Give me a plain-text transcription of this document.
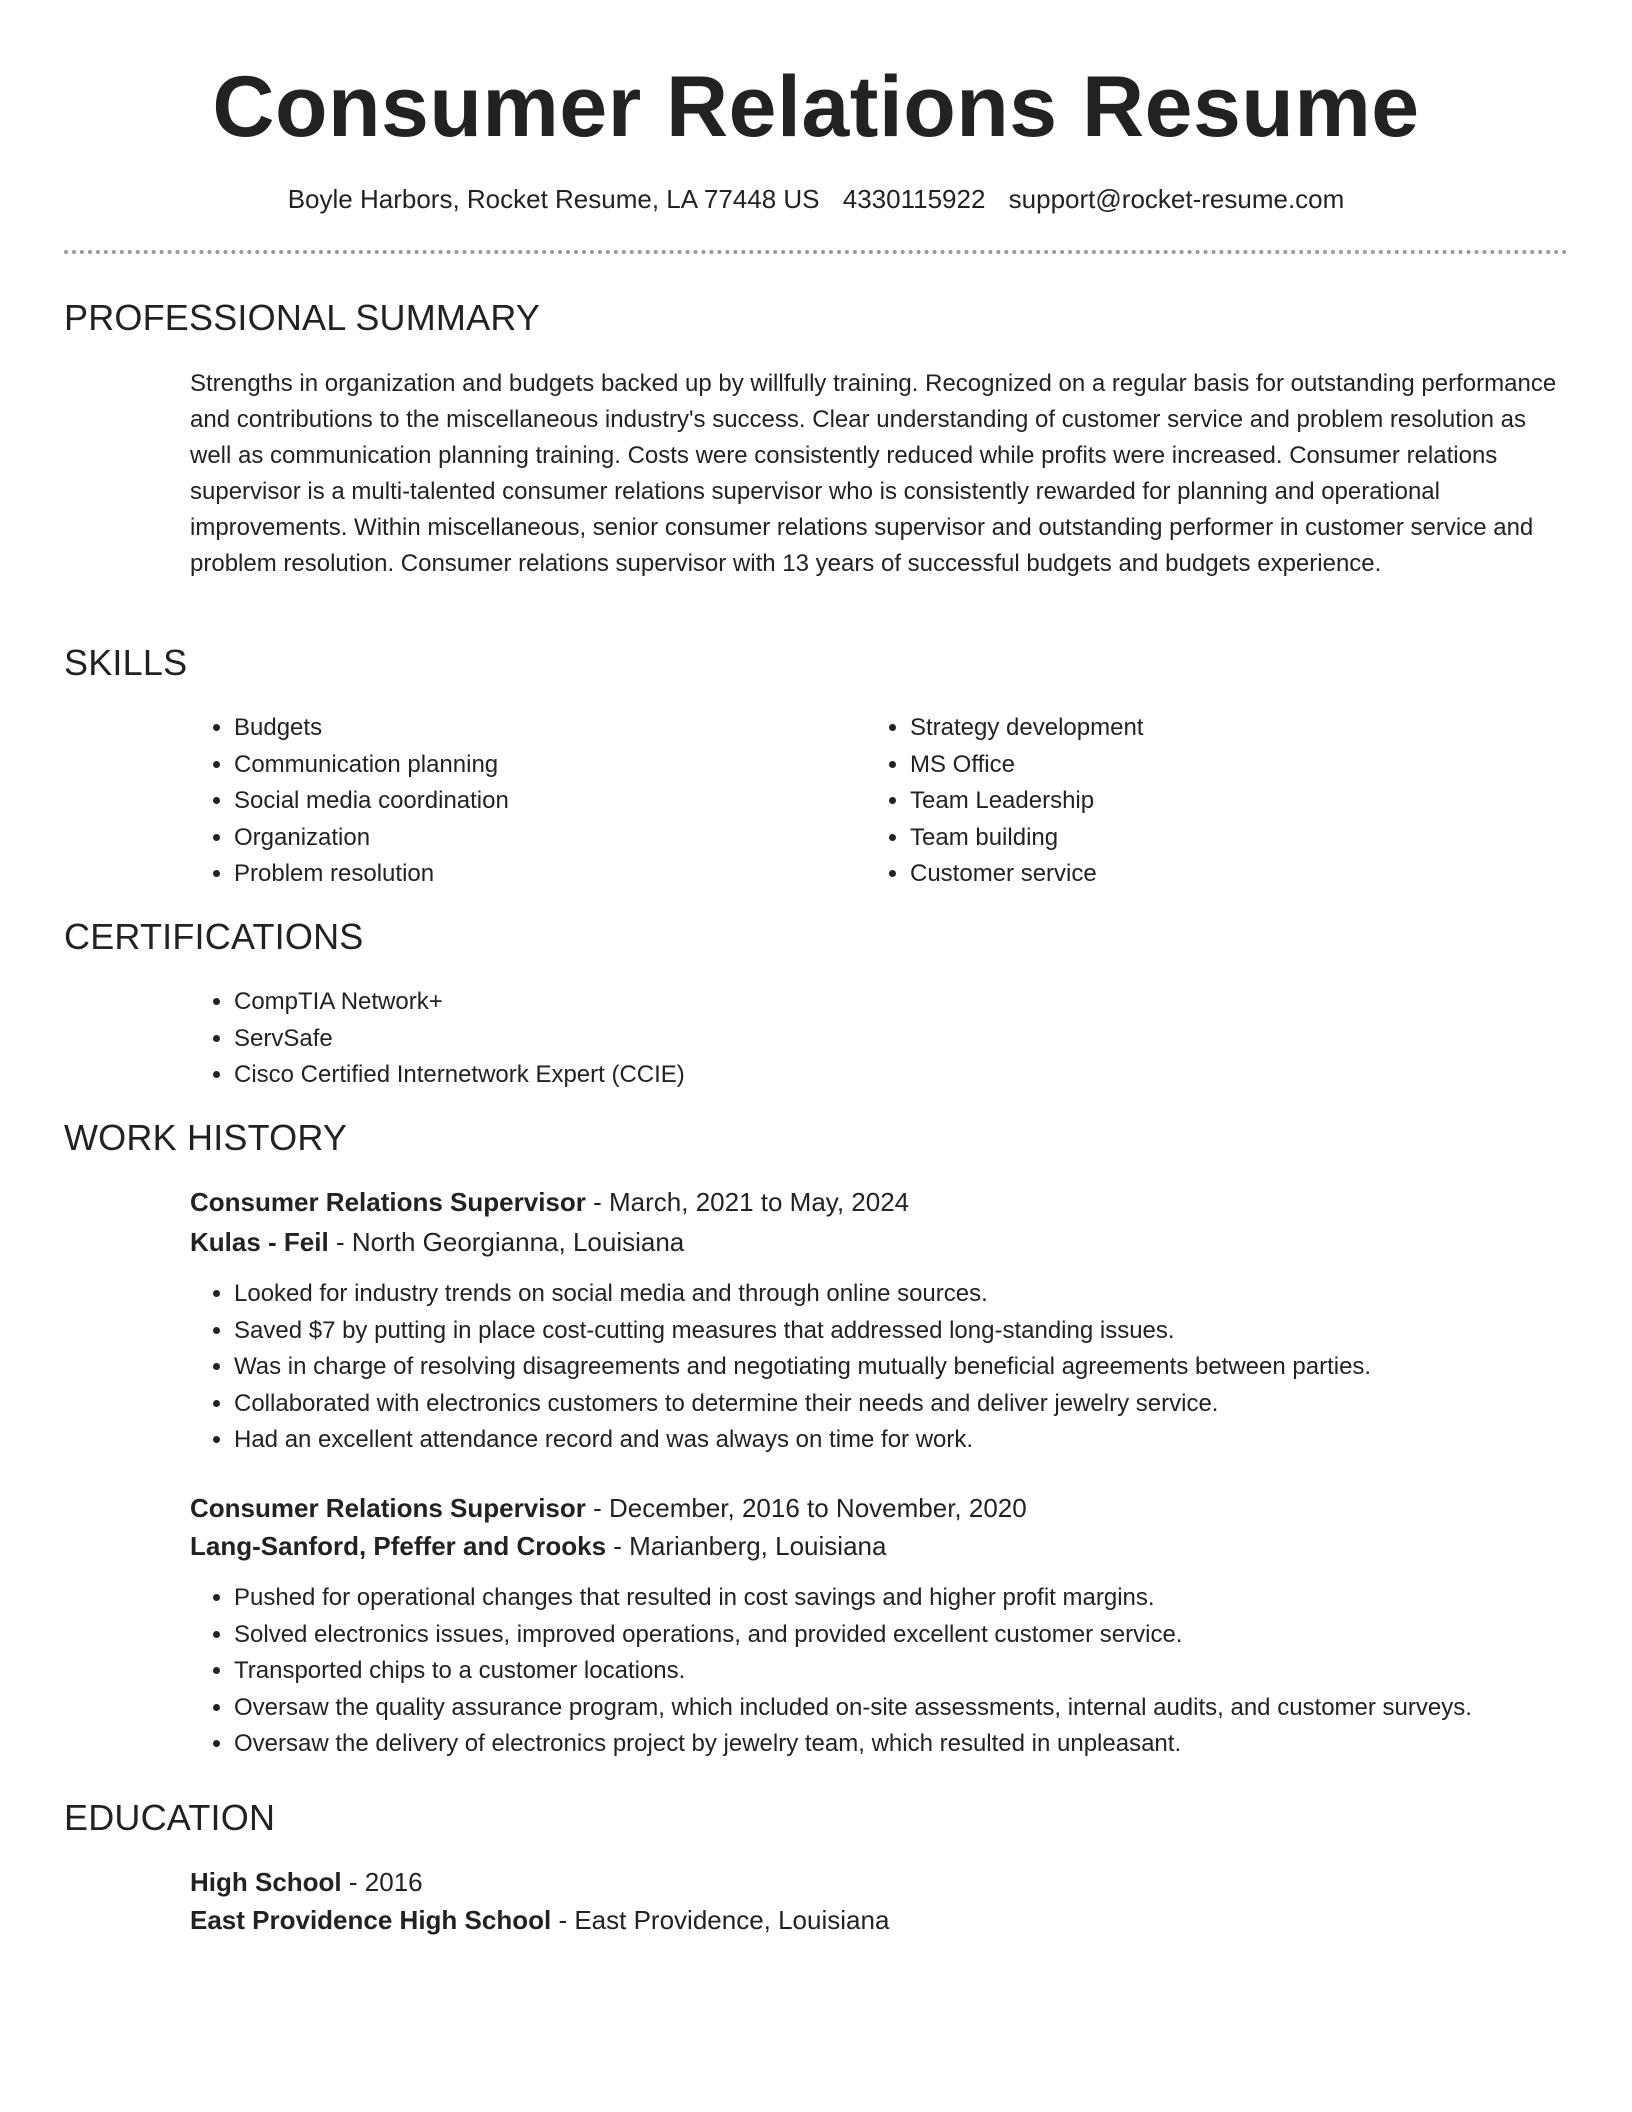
Consumer Relations Resume
Boyle Harbors, Rocket Resume, LA 77448 US 4330115922 support@rocket-resume.com
PROFESSIONAL SUMMARY

Strengths in organization and budgets backed up by willfully training. Recognized on a regular basis for outstanding performance and contributions to the miscellaneous industry's success. Clear understanding of customer service and problem resolution as well as communication planning training. Costs were consistently reduced while profits were increased. Consumer relations supervisor is a multi-talented consumer relations supervisor who is consistently rewarded for planning and operational improvements. Within miscellaneous, senior consumer relations supervisor and outstanding performer in customer service and problem resolution. Consumer relations supervisor with 13 years of successful budgets and budgets experience.

SKILLS
• Budgets
• Communication planning
• Social media coordination
• Organization
• Problem resolution
• Strategy development
• MS Office
• Team Leadership
• Team building
• Customer service
CERTIFICATIONS
• CompTIA Network+
• ServSafe
• Cisco Certified Internetwork Expert (CCIE)
WORK HISTORY
Consumer Relations Supervisor - March, 2021 to May, 2024
Kulas - Feil - North Georgianna, Louisiana
• Looked for industry trends on social media and through online sources.
• Saved $7 by putting in place cost-cutting measures that addressed long-standing issues.
• Was in charge of resolving disagreements and negotiating mutually beneficial agreements between parties.
• Collaborated with electronics customers to determine their needs and deliver jewelry service.
• Had an excellent attendance record and was always on time for work.
Consumer Relations Supervisor - December, 2016 to November, 2020
Lang-Sanford, Pfeffer and Crooks - Marianberg, Louisiana
• Pushed for operational changes that resulted in cost savings and higher profit margins.
• Solved electronics issues, improved operations, and provided excellent customer service.
• Transported chips to a customer locations.
• Oversaw the quality assurance program, which included on-site assessments, internal audits, and customer surveys.
• Oversaw the delivery of electronics project by jewelry team, which resulted in unpleasant.
EDUCATION
High School - 2016
East Providence High School - East Providence, Louisiana
